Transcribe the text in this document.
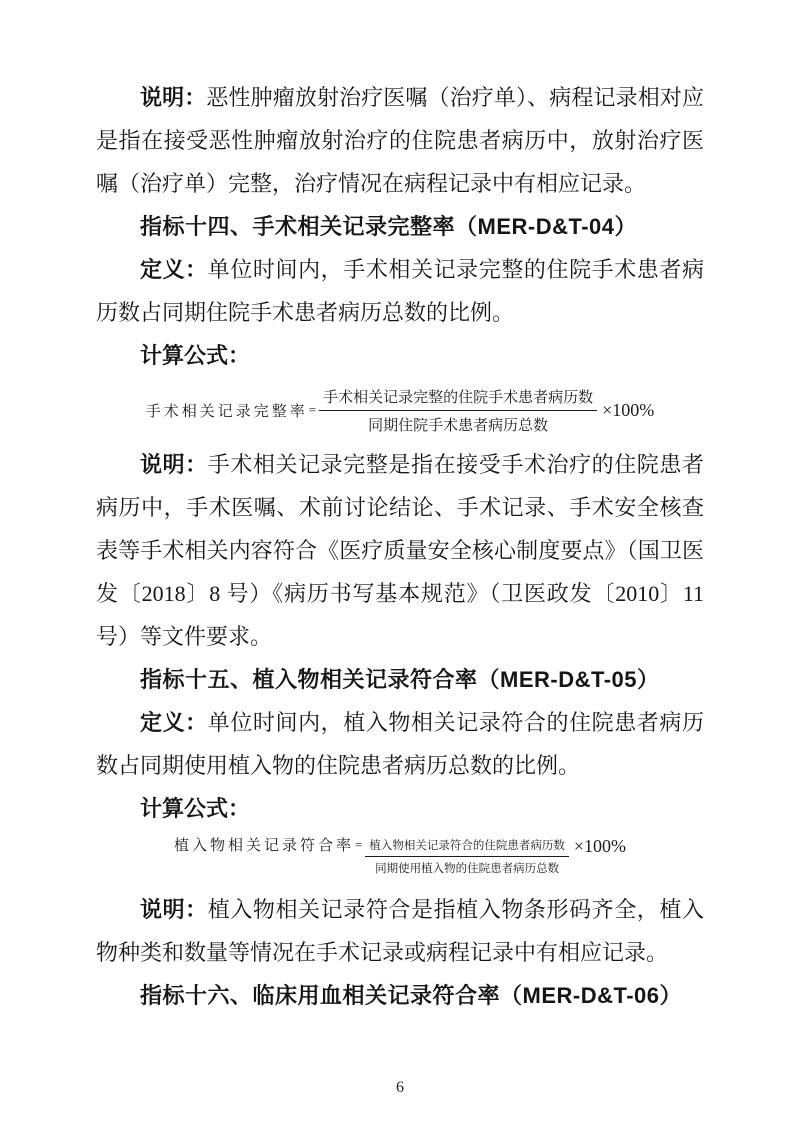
说明：恶性肿瘤放射治疗医嘱（治疗单）、病程记录相对应是指在接受恶性肿瘤放射治疗的住院患者病历中，放射治疗医嘱（治疗单）完整，治疗情况在病程记录中有相应记录。

指标十四、手术相关记录完整率（MER-D&T-04）

定义：单位时间内，手术相关记录完整的住院手术患者病历数占同期住院手术患者病历总数的比例。

计算公式：

手术相关记录完整率 = $\frac{\text{手术相关记录完整的住院手术患者病历数}}{\text{同期住院手术患者病历总数}} \times 100\%$

说明：手术相关记录完整是指在接受手术治疗的住院患者病历中，手术医嘱、术前讨论结论、手术记录、手术安全核查表等手术相关内容符合《医疗质量安全核心制度要点》（国卫医发〔2018〕8 号）《病历书写基本规范》（卫医政发〔2010〕11 号）等文件要求。

指标十五、植入物相关记录符合率（MER-D&T-05）

定义：单位时间内，植入物相关记录符合的住院患者病历数占同期使用植入物的住院患者病历总数的比例。

计算公式：

植入物相关记录符合率 = $\frac{\text{植入物相关记录符合的住院患者病历数}}{\text{同期使用植入物的住院患者病历总数}} \times 100\%$

说明：植入物相关记录符合是指植入物条形码齐全，植入物种类和数量等情况在手术记录或病程记录中有相应记录。

指标十六、临床用血相关记录符合率（MER-D&T-06）

6
